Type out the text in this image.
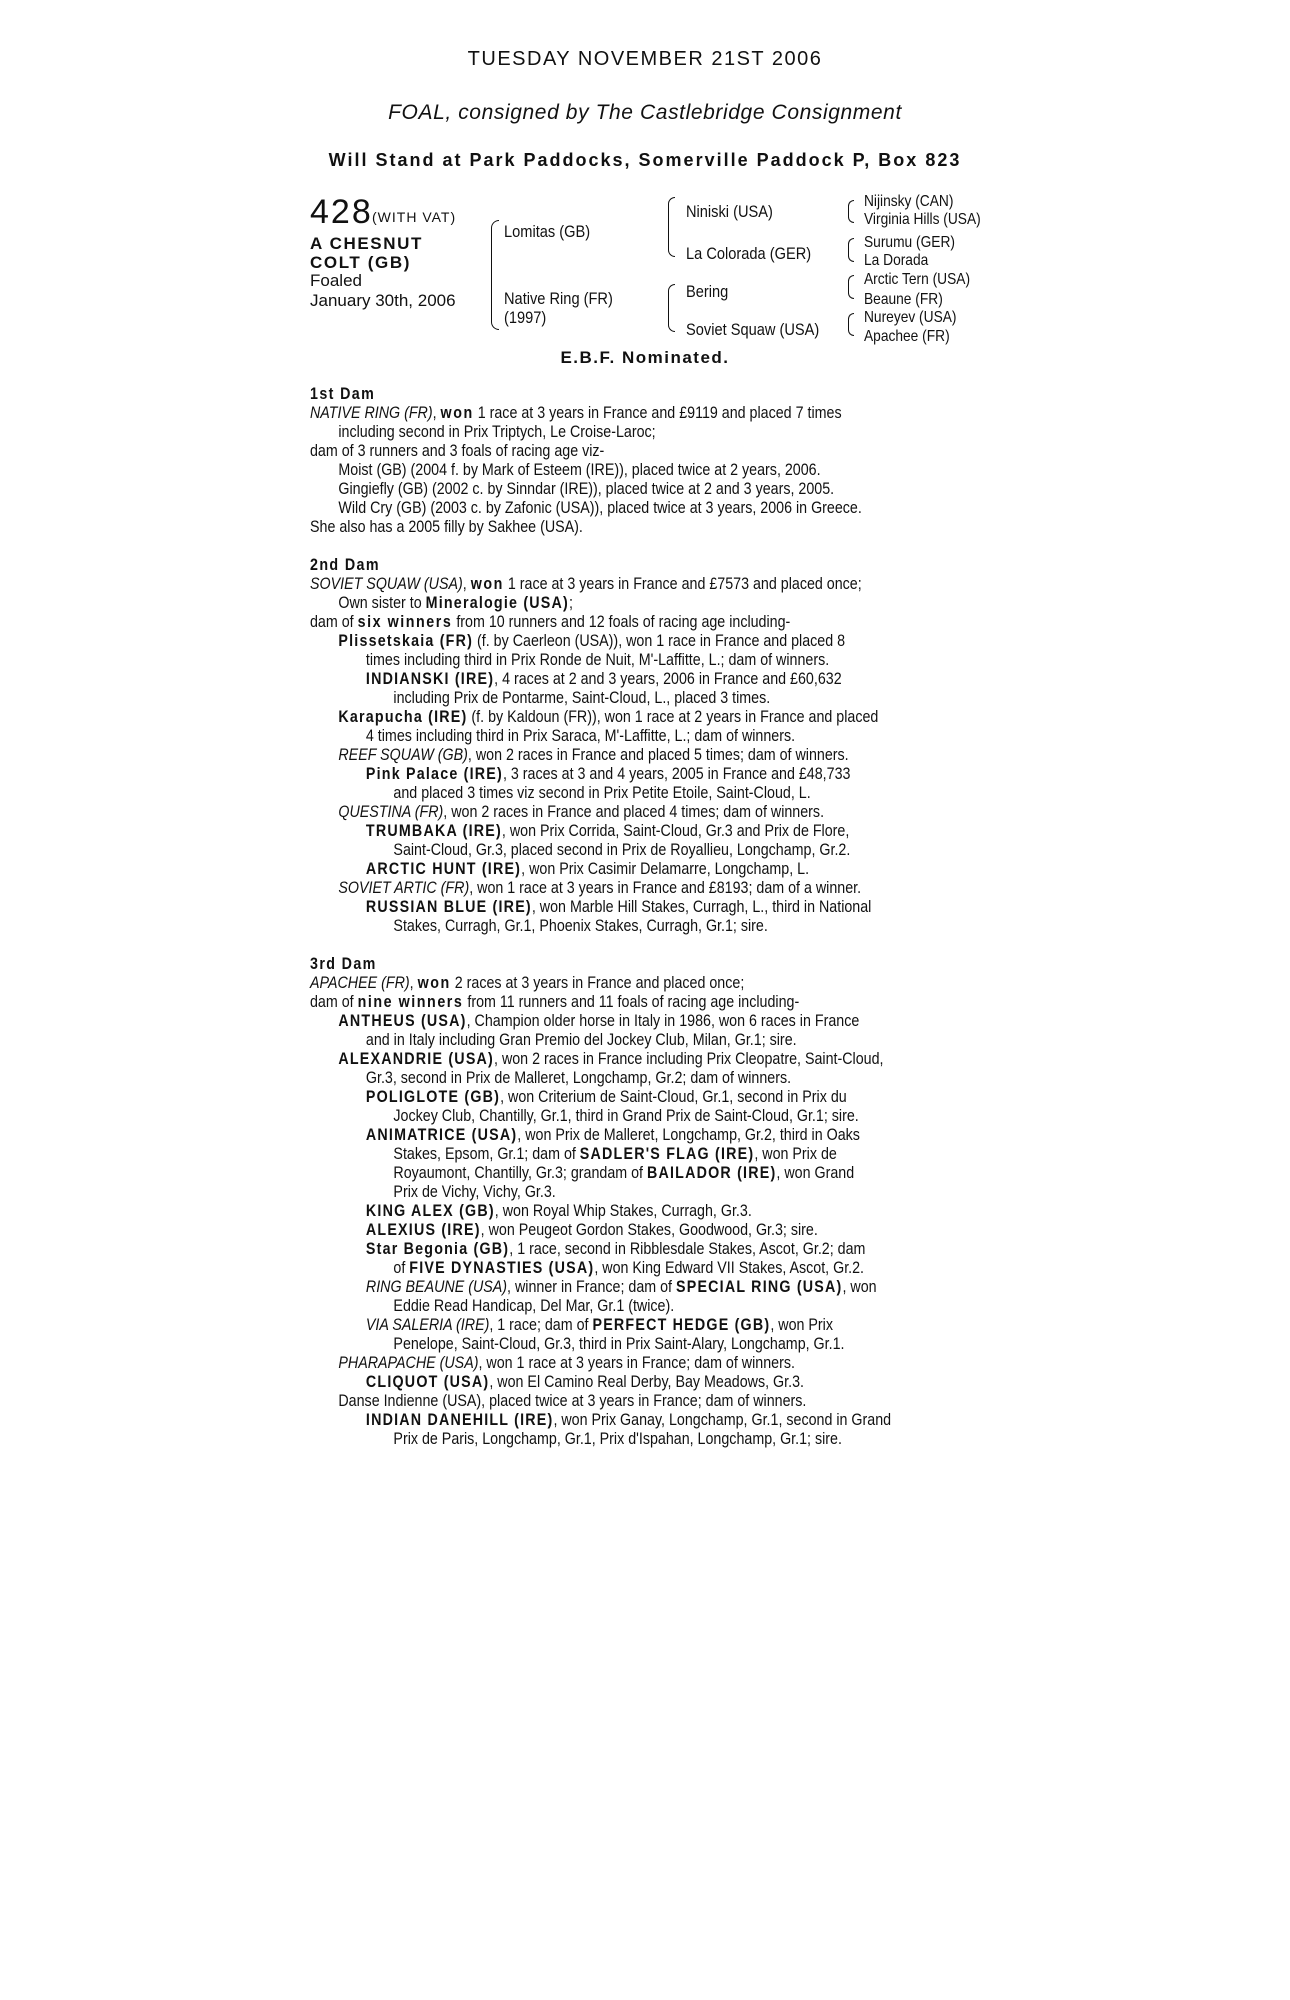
TUESDAY NOVEMBER 21ST 2006
FOAL, consigned by The Castlebridge Consignment
Will Stand at Park Paddocks, Somerville Paddock P, Box 823
428 (WITH VAT)
A CHESNUT COLT (GB)
Foaled
January 30th, 2006
Lomitas (GB)
Native Ring (FR)
(1997)
Niniski (USA)
La Colorada (GER)
Bering
Soviet Squaw (USA)
Nijinsky (CAN)
Virginia Hills (USA)
Surumu (GER)
La Dorada
Arctic Tern (USA)
Beaune (FR)
Nureyev (USA)
Apachee (FR)
E.B.F. Nominated.
1st Dam
NATIVE RING (FR), won 1 race at 3 years in France and £9119 and placed 7 times
including second in Prix Triptych, Le Croise-Laroc;
dam of 3 runners and 3 foals of racing age viz-
Moist (GB) (2004 f. by Mark of Esteem (IRE)), placed twice at 2 years, 2006.
Gingiefly (GB) (2002 c. by Sinndar (IRE)), placed twice at 2 and 3 years, 2005.
Wild Cry (GB) (2003 c. by Zafonic (USA)), placed twice at 3 years, 2006 in Greece.
She also has a 2005 filly by Sakhee (USA).
2nd Dam
SOVIET SQUAW (USA), won 1 race at 3 years in France and £7573 and placed once;
Own sister to Mineralogie (USA);
dam of six winners from 10 runners and 12 foals of racing age including-
Plissetskaia (FR) (f. by Caerleon (USA)), won 1 race in France and placed 8
times including third in Prix Ronde de Nuit, M'-Laffitte, L.; dam of winners.
INDIANSKI (IRE), 4 races at 2 and 3 years, 2006 in France and £60,632
including Prix de Pontarme, Saint-Cloud, L., placed 3 times.
Karapucha (IRE) (f. by Kaldoun (FR)), won 1 race at 2 years in France and placed
4 times including third in Prix Saraca, M'-Laffitte, L.; dam of winners.
REEF SQUAW (GB), won 2 races in France and placed 5 times; dam of winners.
Pink Palace (IRE), 3 races at 3 and 4 years, 2005 in France and £48,733
and placed 3 times viz second in Prix Petite Etoile, Saint-Cloud, L.
QUESTINA (FR), won 2 races in France and placed 4 times; dam of winners.
TRUMBAKA (IRE), won Prix Corrida, Saint-Cloud, Gr.3 and Prix de Flore,
Saint-Cloud, Gr.3, placed second in Prix de Royallieu, Longchamp, Gr.2.
ARCTIC HUNT (IRE), won Prix Casimir Delamarre, Longchamp, L.
SOVIET ARTIC (FR), won 1 race at 3 years in France and £8193; dam of a winner.
RUSSIAN BLUE (IRE), won Marble Hill Stakes, Curragh, L., third in National
Stakes, Curragh, Gr.1, Phoenix Stakes, Curragh, Gr.1; sire.
3rd Dam
APACHEE (FR), won 2 races at 3 years in France and placed once;
dam of nine winners from 11 runners and 11 foals of racing age including-
ANTHEUS (USA), Champion older horse in Italy in 1986, won 6 races in France
and in Italy including Gran Premio del Jockey Club, Milan, Gr.1; sire.
ALEXANDRIE (USA), won 2 races in France including Prix Cleopatre, Saint-Cloud,
Gr.3, second in Prix de Malleret, Longchamp, Gr.2; dam of winners.
POLIGLOTE (GB), won Criterium de Saint-Cloud, Gr.1, second in Prix du
Jockey Club, Chantilly, Gr.1, third in Grand Prix de Saint-Cloud, Gr.1; sire.
ANIMATRICE (USA), won Prix de Malleret, Longchamp, Gr.2, third in Oaks
Stakes, Epsom, Gr.1; dam of SADLER'S FLAG (IRE), won Prix de
Royaumont, Chantilly, Gr.3; grandam of BAILADOR (IRE), won Grand
Prix de Vichy, Vichy, Gr.3.
KING ALEX (GB), won Royal Whip Stakes, Curragh, Gr.3.
ALEXIUS (IRE), won Peugeot Gordon Stakes, Goodwood, Gr.3; sire.
Star Begonia (GB), 1 race, second in Ribblesdale Stakes, Ascot, Gr.2; dam
of FIVE DYNASTIES (USA), won King Edward VII Stakes, Ascot, Gr.2.
RING BEAUNE (USA), winner in France; dam of SPECIAL RING (USA), won
Eddie Read Handicap, Del Mar, Gr.1 (twice).
VIA SALERIA (IRE), 1 race; dam of PERFECT HEDGE (GB), won Prix
Penelope, Saint-Cloud, Gr.3, third in Prix Saint-Alary, Longchamp, Gr.1.
PHARAPACHE (USA), won 1 race at 3 years in France; dam of winners.
CLIQUOT (USA), won El Camino Real Derby, Bay Meadows, Gr.3.
Danse Indienne (USA), placed twice at 3 years in France; dam of winners.
INDIAN DANEHILL (IRE), won Prix Ganay, Longchamp, Gr.1, second in Grand
Prix de Paris, Longchamp, Gr.1, Prix d'Ispahan, Longchamp, Gr.1; sire.
